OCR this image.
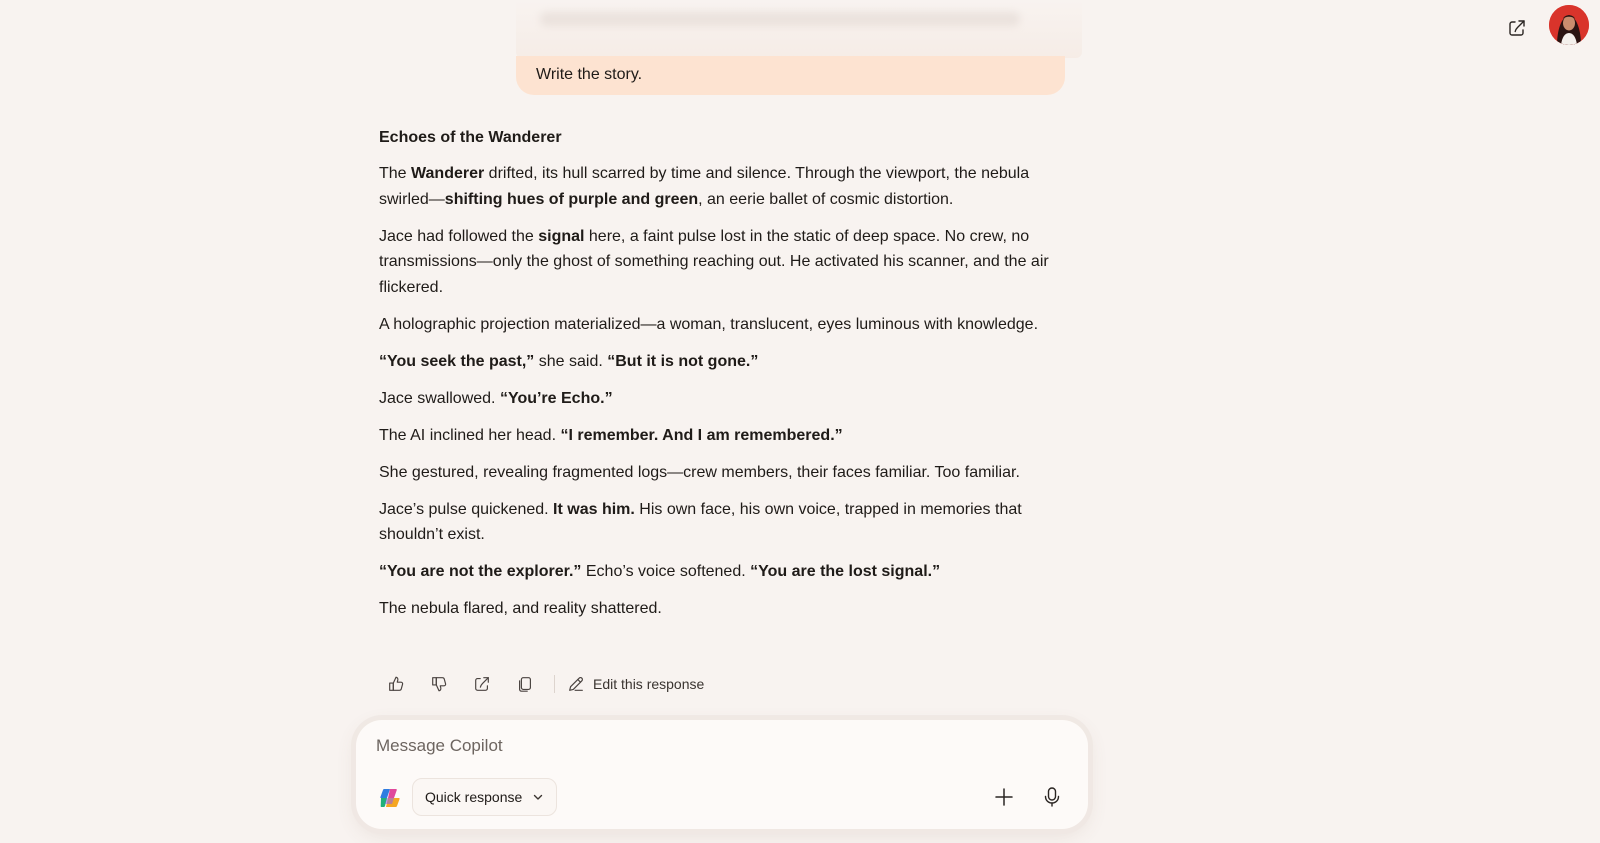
Write the story.
Echoes of the Wanderer

The Wanderer drifted, its hull scarred by time and silence. Through the viewport, the nebula swirled—shifting hues of purple and green, an eerie ballet of cosmic distortion.

Jace had followed the signal here, a faint pulse lost in the static of deep space. No crew, no transmissions—only the ghost of something reaching out. He activated his scanner, and the air flickered.

A holographic projection materialized—a woman, translucent, eyes luminous with knowledge.

“You seek the past,” she said. “But it is not gone.”

Jace swallowed. “You’re Echo.”

The AI inclined her head. “I remember. And I am remembered.”

She gestured, revealing fragmented logs—crew members, their faces familiar. Too familiar.

Jace’s pulse quickened. It was him. His own face, his own voice, trapped in memories that shouldn’t exist.

“You are not the explorer.” Echo’s voice softened. “You are the lost signal.”

The nebula flared, and reality shattered.

Edit this response
Message Copilot
Quick response
